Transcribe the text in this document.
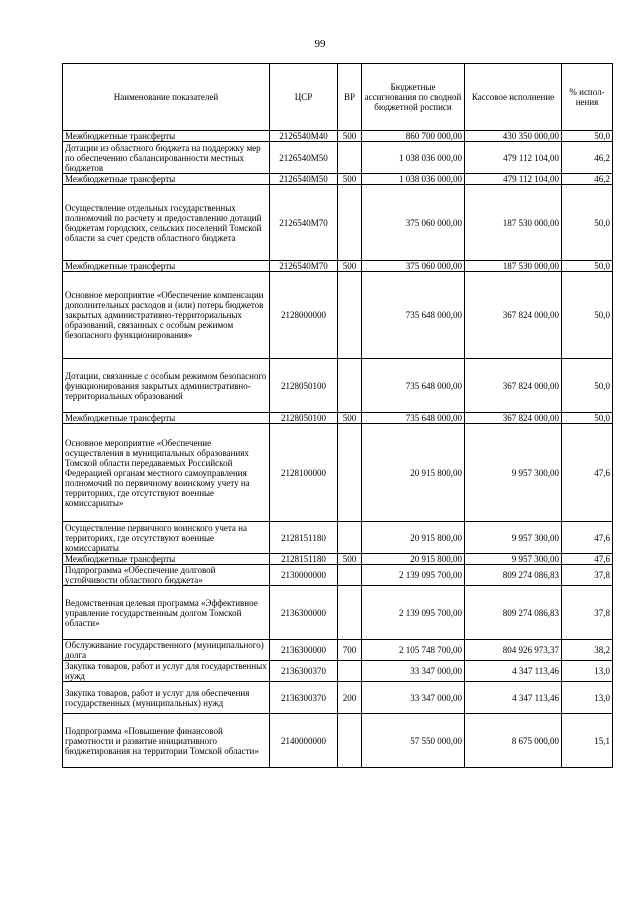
99
Наименование показателей	ЦСР	ВР	Бюджетные ассигнования по сводной бюджетной росписи	Кассовое исполнение	% испол-нения
Межбюджетные трансферты	2126540М40	500	860 700 000,00	430 350 000,00	50,0
Дотации из областного бюджета на поддержку мер по обеспечению сбалансированности местных бюджетов	2126540М50		1 038 036 000,00	479 112 104,00	46,2
Межбюджетные трансферты	2126540М50	500	1 038 036 000,00	479 112 104,00	46,2
Осуществление отдельных государственных полномочий по расчету и предоставлению дотаций бюджетам городских, сельских поселений Томской области за счет средств областного бюджета	2126540М70		375 060 000,00	187 530 000,00	50,0
Межбюджетные трансферты	2126540М70	500	375 060 000,00	187 530 000,00	50,0
Основное мероприятие «Обеспечение компенсации дополнительных расходов и (или) потерь бюджетов закрытых административно-территориальных образований, связанных с особым режимом безопасного функционирования»	2128000000		735 648 000,00	367 824 000,00	50,0
Дотации, связанные с особым режимом безопасного функционирования закрытых административно-территориальных образований	2128050100		735 648 000,00	367 824 000,00	50,0
Межбюджетные трансферты	2128050100	500	735 648 000,00	367 824 000,00	50,0
Основное мероприятие «Обеспечение осуществления в муниципальных образованиях Томской области передаваемых Российской Федерацией органам местного самоуправления полномочий по первичному воинскому учету на территориях, где отсутствуют военные комиссариаты»	2128100000		20 915 800,00	9 957 300,00	47,6
Осуществление первичного воинского учета на территориях, где отсутствуют военные комиссариаты	2128151180		20 915 800,00	9 957 300,00	47,6
Межбюджетные трансферты	2128151180	500	20 915 800,00	9 957 300,00	47,6
Подпрограмма «Обеспечение долговой устойчивости областного бюджета»	2130000000		2 139 095 700,00	809 274 086,83	37,8
Ведомственная целевая программа «Эффективное управление государственным долгом Томской области»	2136300000		2 139 095 700,00	809 274 086,83	37,8
Обслуживание государственного (муниципального) долга	2136300000	700	2 105 748 700,00	804 926 973,37	38,2
Закупка товаров, работ и услуг для государственных нужд	2136300370		33 347 000,00	4 347 113,46	13,0
Закупка товаров, работ и услуг для обеспечения государственных (муниципальных) нужд	2136300370	200	33 347 000,00	4 347 113,46	13,0
Подпрограмма «Повышение финансовой грамотности и развитие инициативного бюджетирования на территории Томской области»	2140000000		57 550 000,00	8 675 000,00	15,1
